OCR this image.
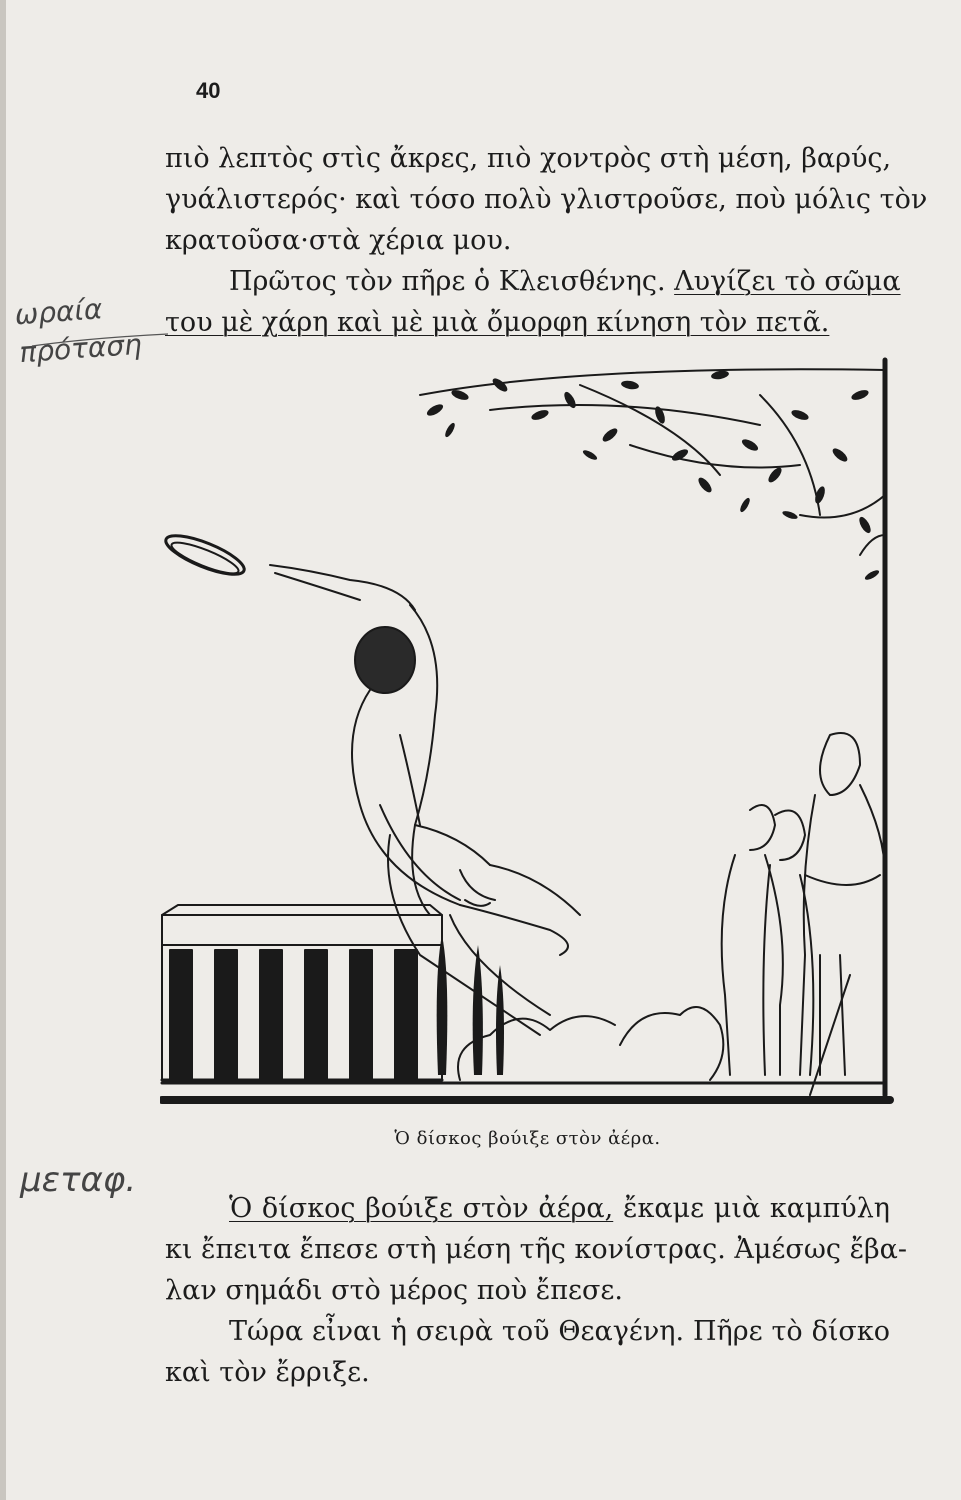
40
πιὸ λεπτὸς στὶς ἄκρες, πιὸ χοντρὸς στὴ μέση, βαρύς,
γυάλιστερός· καὶ τόσο πολὺ γλιστροῦσε, ποὺ μόλις τὸν
κρατοῦσα·στὰ χέρια μου.
Πρῶτος τὸν πῆρε ὁ Κλεισθένης. Λυγίζει τὸ σῶμα
του μὲ χάρη καὶ μὲ μιὰ ὄμορφη κίνηση τὸν πετᾶ.
ωραία
πρόταση
Ὁ δίσκος βούιξε στὸν ἀέρα.
μεταφ.
Ὁ δίσκος βούιξε στὸν ἀέρα, ἔκαμε μιὰ καμπύλη
κι ἔπειτα ἔπεσε στὴ μέση τῆς κονίστρας. Ἀμέσως ἔβα-
λαν σημάδι στὸ μέρος ποὺ ἔπεσε.
Τώρα εἶναι ἡ σειρὰ τοῦ Θεαγένη. Πῆρε τὸ δίσκο
καὶ τὸν ἔρριξε.
